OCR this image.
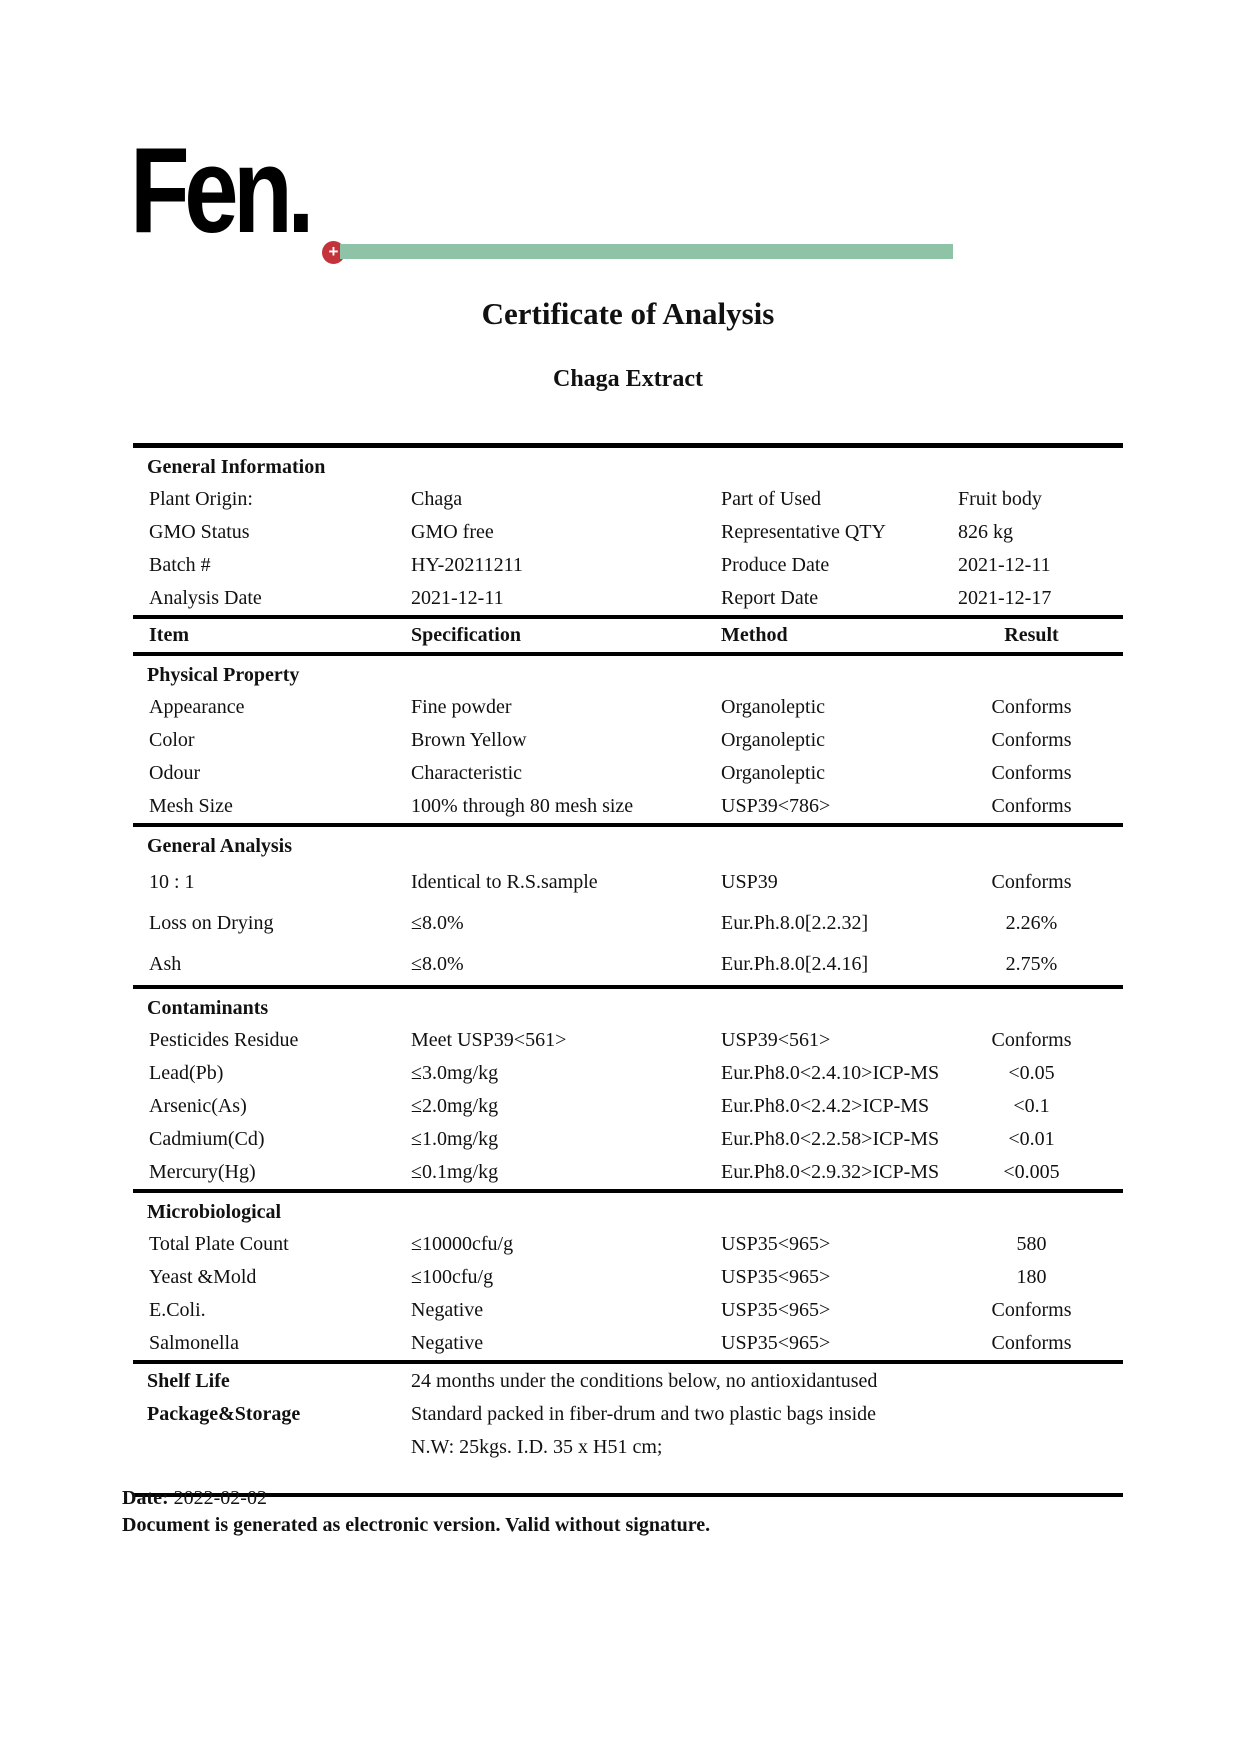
Fen.	+
Certificate of Analysis
Chaga Extract
General Information
Plant Origin:	Chaga	Part of Used	Fruit body
GMO Status	GMO free	Representative QTY	826 kg
Batch #	HY-20211211	Produce Date	2021-12-11
Analysis Date	2021-12-11	Report Date	2021-12-17
Item	Specification	Method	Result
Physical Property
Appearance	Fine powder	Organoleptic	Conforms
Color	Brown Yellow	Organoleptic	Conforms
Odour	Characteristic	Organoleptic	Conforms
Mesh Size	100% through 80 mesh size	USP39<786>	Conforms
General Analysis
10 : 1	Identical to R.S.sample	USP39	Conforms
Loss on Drying	≤8.0%	Eur.Ph.8.0[2.2.32]	2.26%
Ash	≤8.0%	Eur.Ph.8.0[2.4.16]	2.75%
Contaminants
Pesticides Residue	Meet USP39<561>	USP39<561>	Conforms
Lead(Pb)	≤3.0mg/kg	Eur.Ph8.0<2.4.10>ICP-MS	<0.05
Arsenic(As)	≤2.0mg/kg	Eur.Ph8.0<2.4.2>ICP-MS	<0.1
Cadmium(Cd)	≤1.0mg/kg	Eur.Ph8.0<2.2.58>ICP-MS	<0.01
Mercury(Hg)	≤0.1mg/kg	Eur.Ph8.0<2.9.32>ICP-MS	<0.005
Microbiological
Total Plate Count	≤10000cfu/g	USP35<965>	580
Yeast &Mold	≤100cfu/g	USP35<965>	180
E.Coli.	Negative	USP35<965>	Conforms
Salmonella	Negative	USP35<965>	Conforms
Shelf Life	24 months under the conditions below, no antioxidantused
Package&Storage	Standard packed in fiber-drum and two plastic bags inside
N.W: 25kgs. I.D. 35 x H51 cm;
Date: 2022-02-02
Document is generated as electronic version. Valid without signature.
